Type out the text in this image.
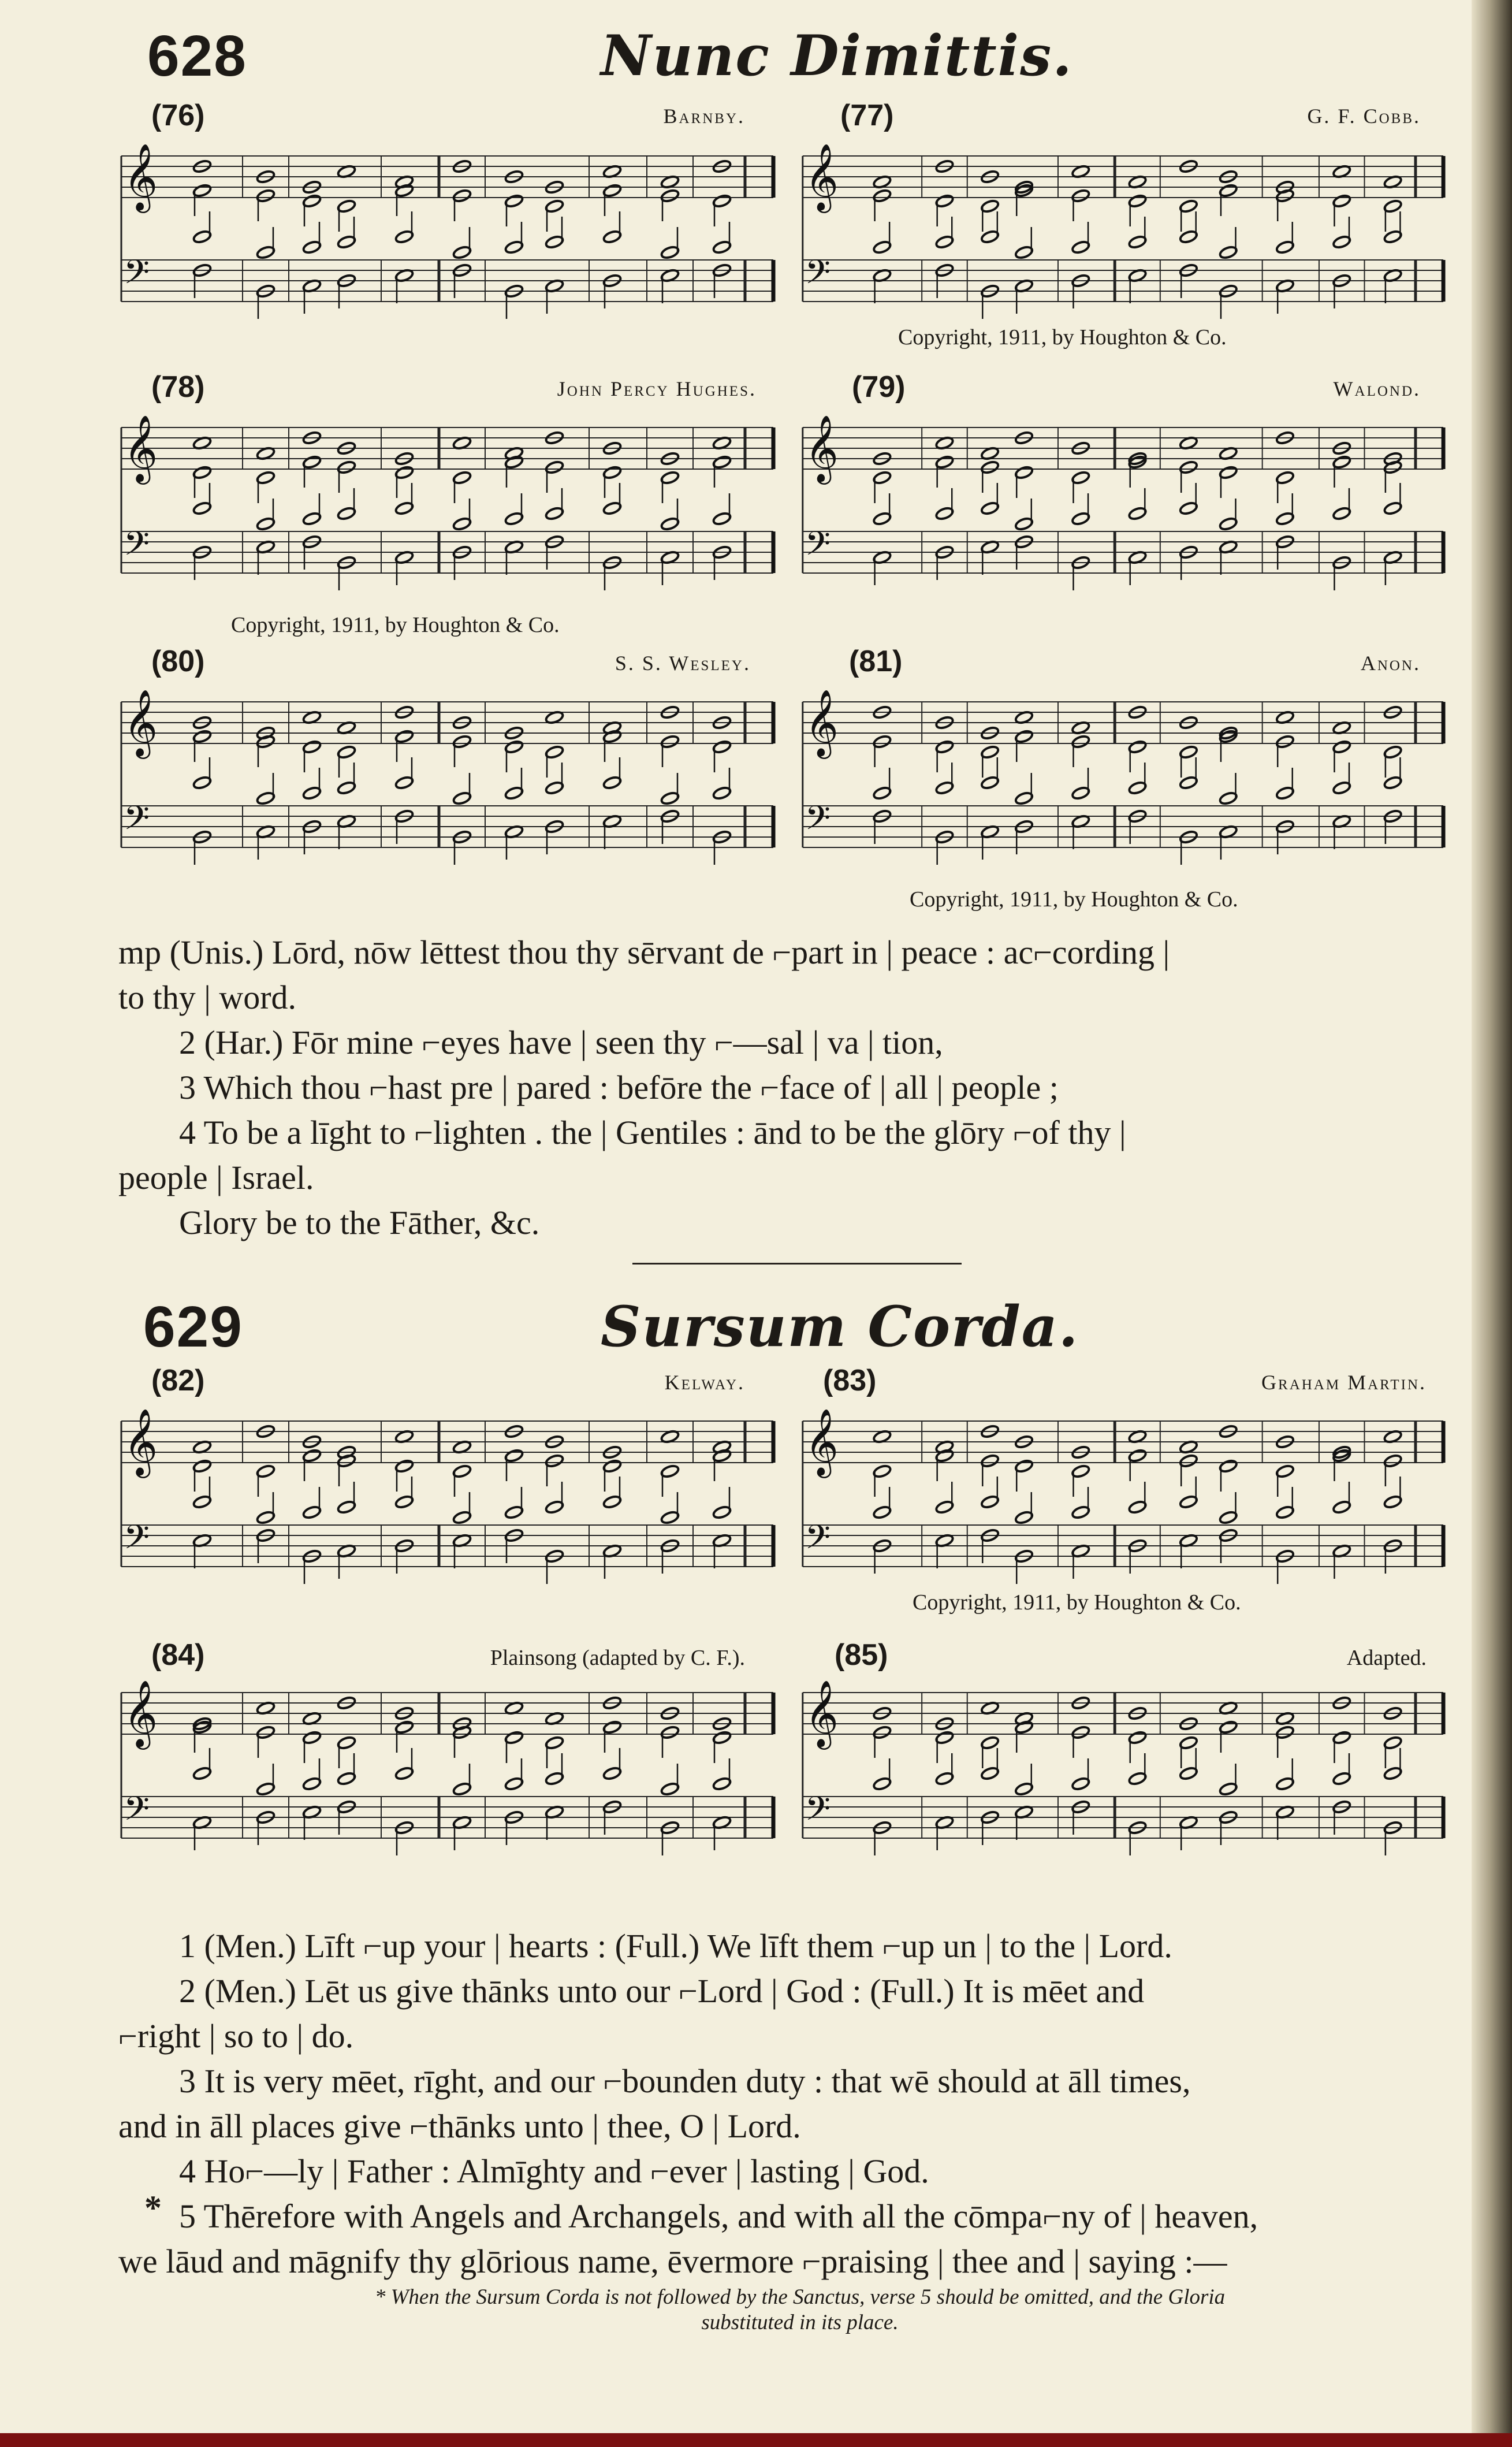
628	Nunc Dimittis.
(76)	Barnby.	(77)	G. F. Cobb.
𝄞
𝄢
𝄞
𝄢
Copyright, 1911, by Houghton & Co.
(78)	John Percy Hughes.	(79)	Walond.
𝄞
𝄢
𝄞
𝄢
Copyright, 1911, by Houghton & Co.
(80)	S. S. Wesley.	(81)	Anon.
𝄞
𝄢
𝄞
𝄢
Copyright, 1911, by Houghton & Co.

mp (Unis.) Lōrd, nōw lēttest thou thy sērvant de ⌐part in | peace : ac⌐cording |

to thy | word.

2 (Har.) Fōr mine ⌐eyes have | seen thy ⌐—sal | va | tion,

3 Which thou ⌐hast pre | pared : befōre the ⌐face of | all | people ;

4 To be a līght to ⌐lighten . the | Gentiles : ānd to be the glōry ⌐of thy |

people | Israel.

Glory be to the Fāther, &c.

629	Sursum Corda.
(82)	Kelway.	(83)	Graham Martin.
𝄞
𝄢
𝄞
𝄢
Copyright, 1911, by Houghton & Co.
(84)	Plainsong (adapted by C. F.).	(85)	Adapted.
𝄞
𝄢
𝄞
𝄢

1 (Men.) Līft ⌐up your | hearts : (Full.) We līft them ⌐up un | to the | Lord.

2 (Men.) Lēt us give thānks unto our ⌐Lord | God : (Full.) It is mēet and

⌐right | so to | do.

3 It is very mēet, rīght, and our ⌐bounden duty : that wē should at āll times,

and in āll places give ⌐thānks unto | thee, O | Lord.

4 Ho⌐—ly | Father : Almīghty and ⌐ever | lasting | God.

5 Thērefore with Angels and Archangels, and with all the cōmpa⌐ny of | heaven,

we lāud and māgnify thy glōrious name, ēvermore ⌐praising | thee and | saying :—

*
* When the Sursum Corda is not followed by the Sanctus, verse 5 should be omitted, and the Gloria
substituted in its place.
